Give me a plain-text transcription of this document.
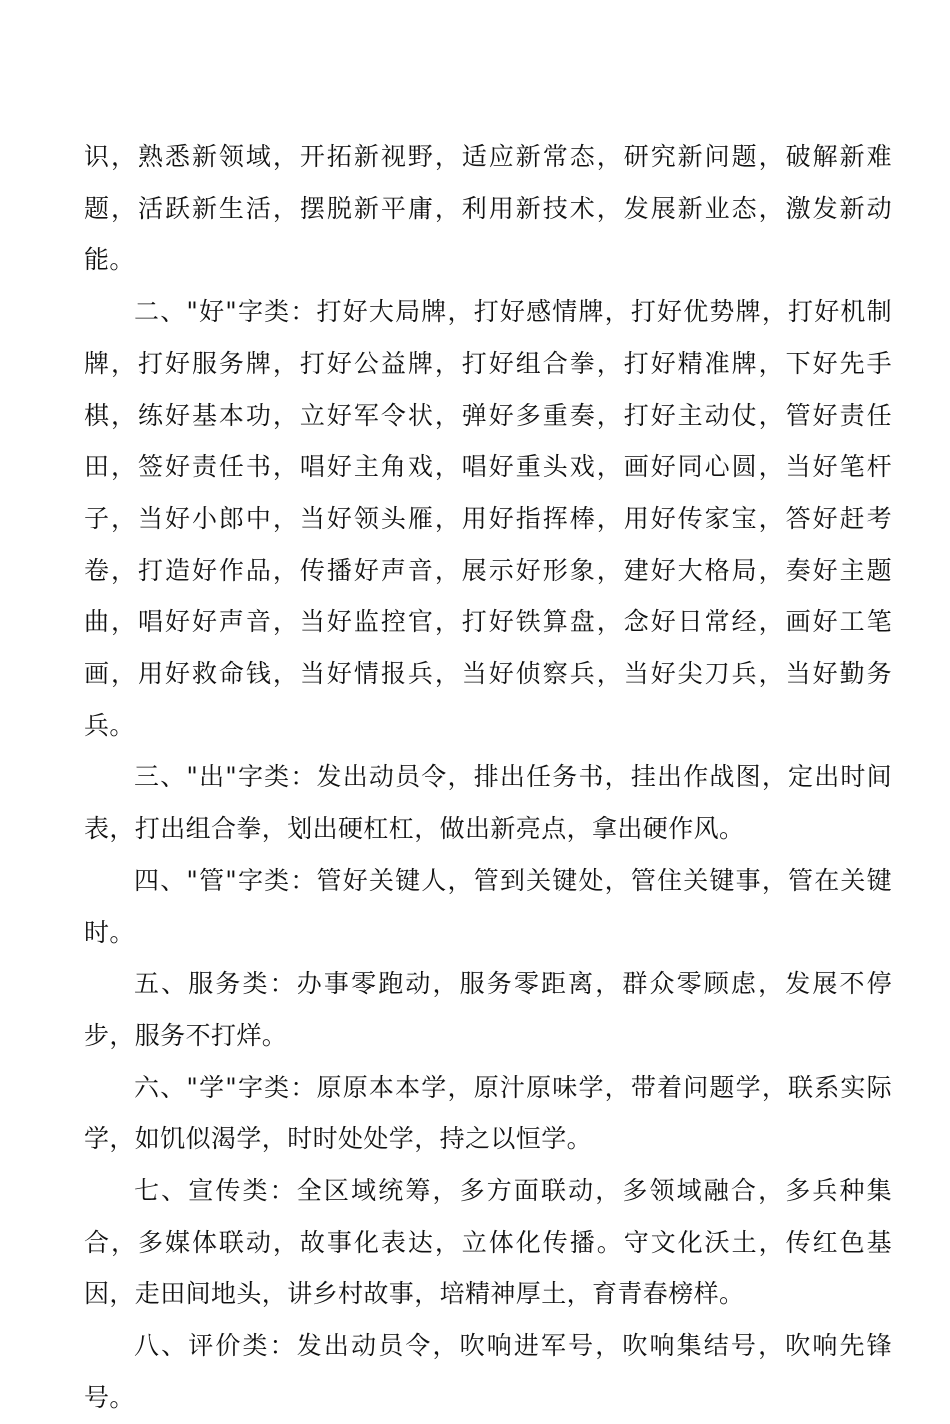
识，熟悉新领域，开拓新视野，适应新常态，研究新问题，破解新难题，活跃新生活，摆脱新平庸，利用新技术，发展新业态，激发新动能。

二、"好"字类：打好大局牌，打好感情牌，打好优势牌，打好机制牌，打好服务牌，打好公益牌，打好组合拳，打好精准牌，下好先手棋，练好基本功，立好军令状，弹好多重奏，打好主动仗，管好责任田，签好责任书，唱好主角戏，唱好重头戏，画好同心圆，当好笔杆子，当好小郎中，当好领头雁，用好指挥棒，用好传家宝，答好赶考卷，打造好作品，传播好声音，展示好形象，建好大格局，奏好主题曲，唱好好声音，当好监控官，打好铁算盘，念好日常经，画好工笔画，用好救命钱，当好情报兵，当好侦察兵，当好尖刀兵，当好勤务兵。

三、"出"字类：发出动员令，排出任务书，挂出作战图，定出时间表，打出组合拳，划出硬杠杠，做出新亮点，拿出硬作风。

四、"管"字类：管好关键人，管到关键处，管住关键事，管在关键时。

五、服务类：办事零跑动，服务零距离，群众零顾虑，发展不停步，服务不打烊。

六、"学"字类：原原本本学，原汁原味学，带着问题学，联系实际学，如饥似渴学，时时处处学，持之以恒学。

七、宣传类：全区域统筹，多方面联动，多领域融合，多兵种集合，多媒体联动，故事化表达，立体化传播。守文化沃土，传红色基因，走田间地头，讲乡村故事，培精神厚土，育青春榜样。

八、评价类：发出动员令，吹响进军号，吹响集结号，吹响先锋号。
